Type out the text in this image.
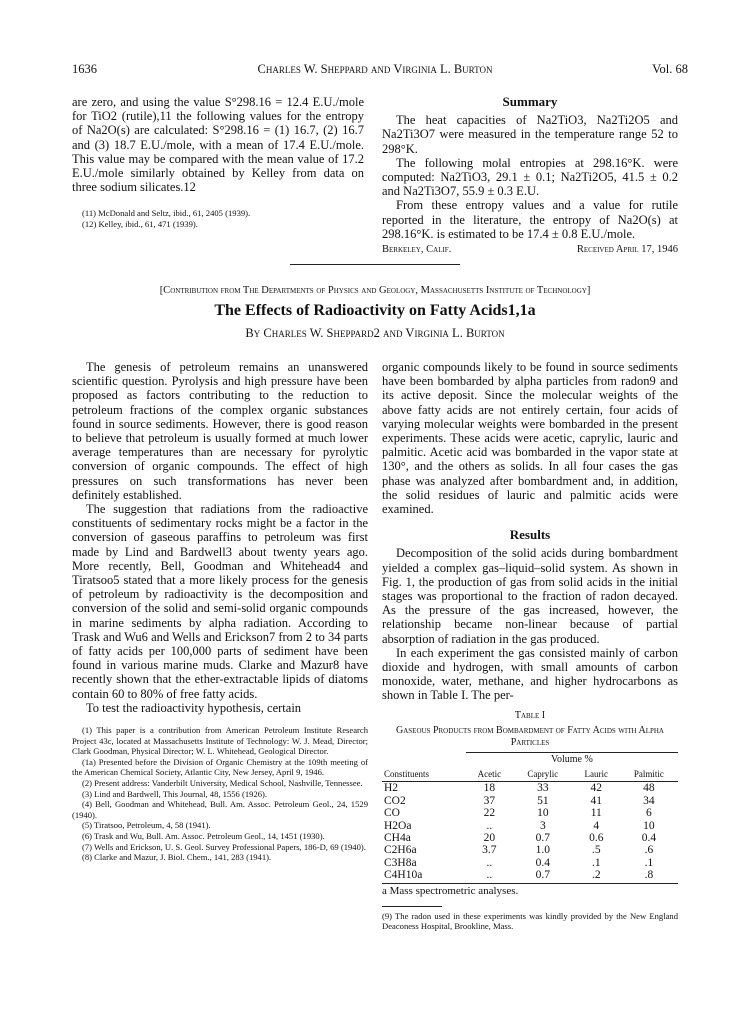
1636	Charles W. Sheppard and Virginia L. Burton	Vol. 68

are zero, and using the value S°298.16 = 12.4 E.U./mole for TiO2 (rutile),11 the following values for the entropy of Na2O(s) are calculated: S°298.16 = (1) 16.7, (2) 16.7 and (3) 18.7 E.U./mole, with a mean of 17.4 E.U./mole. This value may be compared with the mean value of 17.2 E.U./mole similarly obtained by Kelley from data on three sodium silicates.12

(11) McDonald and Seltz, ibid., 61, 2405 (1939).
(12) Kelley, ibid., 61, 471 (1939).
Summary

The heat capacities of Na2TiO3, Na2Ti2O5 and Na2Ti3O7 were measured in the temperature range 52 to 298°K.

The following molal entropies at 298.16°K. were computed: Na2TiO3, 29.1 ± 0.1; Na2Ti2O5, 41.5 ± 0.2 and Na2Ti3O7, 55.9 ± 0.3 E.U.

From these entropy values and a value for rutile reported in the literature, the entropy of Na2O(s) at 298.16°K. is estimated to be 17.4 ± 0.8 E.U./mole.

Berkeley, Calif.	Received April 17, 1946
[Contribution from The Departments of Physics and Geology, Massachusetts Institute of Technology]
The Effects of Radioactivity on Fatty Acids1,1a
By Charles W. Sheppard2 and Virginia L. Burton

The genesis of petroleum remains an unanswered scientific question. Pyrolysis and high pressure have been proposed as factors contributing to the reduction to petroleum fractions of the complex organic substances found in source sediments. However, there is good reason to believe that petroleum is usually formed at much lower average temperatures than are necessary for pyrolytic conversion of organic compounds. The effect of high pressures on such transformations has never been definitely established.

The suggestion that radiations from the radioactive constituents of sedimentary rocks might be a factor in the conversion of gaseous paraffins to petroleum was first made by Lind and Bardwell3 about twenty years ago. More recently, Bell, Goodman and Whitehead4 and Tiratsoo5 stated that a more likely process for the genesis of petroleum by radioactivity is the decomposition and conversion of the solid and semi-solid organic compounds in marine sediments by alpha radiation. According to Trask and Wu6 and Wells and Erickson7 from 2 to 34 parts of fatty acids per 100,000 parts of sediment have been found in various marine muds. Clarke and Mazur8 have recently shown that the ether-extractable lipids of diatoms contain 60 to 80% of free fatty acids.

To test the radioactivity hypothesis, certain

(1) This paper is a contribution from American Petroleum Institute Research Project 43c, located at Massachusetts Institute of Technology: W. J. Mead, Director; Clark Goodman, Physical Director; W. L. Whitehead, Geological Director.
(1a) Presented before the Division of Organic Chemistry at the 109th meeting of the American Chemical Society, Atlantic City, New Jersey, April 9, 1946.
(2) Present address: Vanderbilt University, Medical School, Nashville, Tennessee.
(3) Lind and Bardwell, This Journal, 48, 1556 (1926).
(4) Bell, Goodman and Whitehead, Bull. Am. Assoc. Petroleum Geol., 24, 1529 (1940).
(5) Tiratsoo, Petroleum, 4, 58 (1941).
(6) Trask and Wu, Bull. Am. Assoc. Petroleum Geol., 14, 1451 (1930).
(7) Wells and Erickson, U. S. Geol. Survey Professional Papers, 186-D, 69 (1940).
(8) Clarke and Mazur, J. Biol. Chem., 141, 283 (1941).

organic compounds likely to be found in source sediments have been bombarded by alpha particles from radon9 and its active deposit. Since the molecular weights of the above fatty acids are not entirely certain, four acids of varying molecular weights were bombarded in the present experiments. These acids were acetic, caprylic, lauric and palmitic. Acetic acid was bombarded in the vapor state at 130°, and the others as solids. In all four cases the gas phase was analyzed after bombardment and, in addition, the solid residues of lauric and palmitic acids were examined.

Results

Decomposition of the solid acids during bombardment yielded a complex gas–liquid–solid system. As shown in Fig. 1, the production of gas from solid acids in the initial stages was proportional to the fraction of radon decayed. As the pressure of the gas increased, however, the relationship became non-linear because of partial absorption of radiation in the gas produced.

In each experiment the gas consisted mainly of carbon dioxide and hydrogen, with small amounts of carbon monoxide, water, methane, and higher hydrocarbons as shown in Table I. The per-

Table I
Gaseous Products from Bombardment of Fatty Acids with Alpha Particles
	Volume %			
Constituents	Acetic	Caprylic	Lauric	Palmitic
H2	18	33	42	48
CO2	37	51	41	34
CO	22	10	11	6
H2Oa	..	3	4	10
CH4a	20	0.7	0.6	0.4
C2H6a	3.7	1.0	.5	.6
C3H8a	..	0.4	.1	.1
C4H10a	..	0.7	.2	.8
a Mass spectrometric analyses.
(9) The radon used in these experiments was kindly provided by the New England Deaconess Hospital, Brookline, Mass.
